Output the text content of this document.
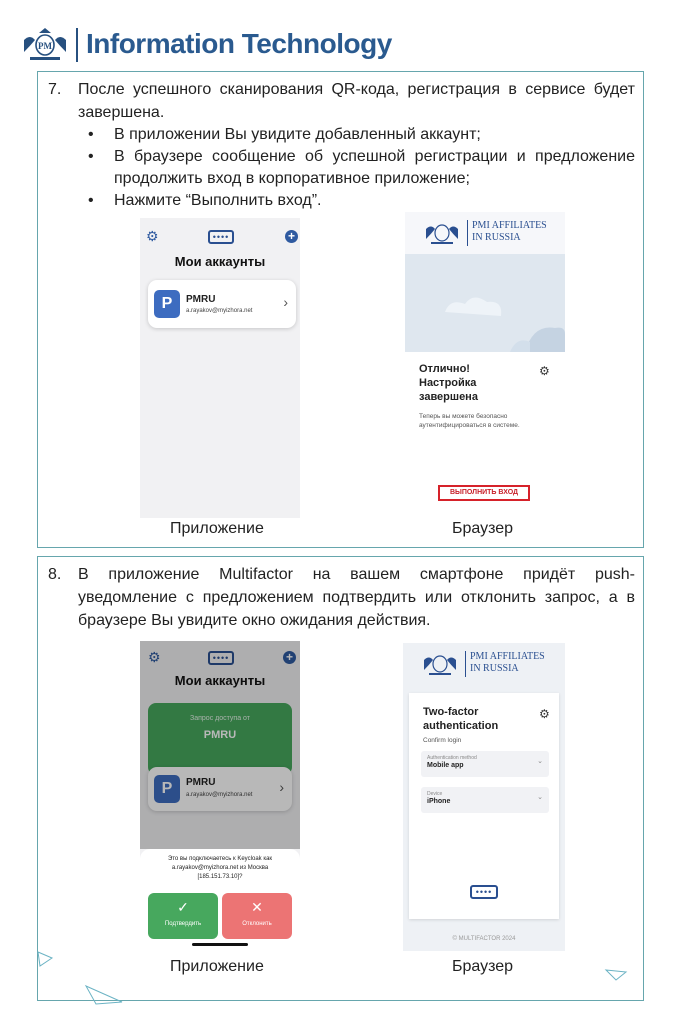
PM Information Technology
7. После успешного сканирования QR-кода, регистрация в сервисе будет
завершена.
• В приложении Вы увидите добавленный аккаунт;
• В браузере сообщение об успешной регистрации и предложение продолжить вход в корпоративное приложение;
• Нажмите “Выполнить вход”.
⚙	••••	+
Мои аккаунты
P	PMRU
a.rayakov@myizhora.net
›
PMI AFFILIATES
IN RUSSIA
Отлично!
Настройка
завершена
⚙
Теперь вы можете безопасно
аутентифицироваться в системе.
ВЫПОЛНИТЬ ВХОД
Приложение	Браузер
8. В приложение Multifactor на вашем смартфоне придёт push-
уведомление с предложением подтвердить или отклонить запрос, а в
браузере Вы увидите окно ожидания действия.
⚙	••••	+
Мои аккаунты
Запрос доступа от
PMRU
P	PMRU
a.rayakov@myizhora.net ›
Это вы подключаетесь к Keycloak как
a.rayakov@myizhora.net из Москва
[185.151.73.10]?
✓
Подтвердить
✕
Отклонить
PMI AFFILIATES
IN RUSSIA
Two-factor
authentication
⚙
Confirm login
Authentication method
Mobile app
⌄
Device
iPhone
⌄
••••
© MULTIFACTOR 2024
Приложение	Браузер
